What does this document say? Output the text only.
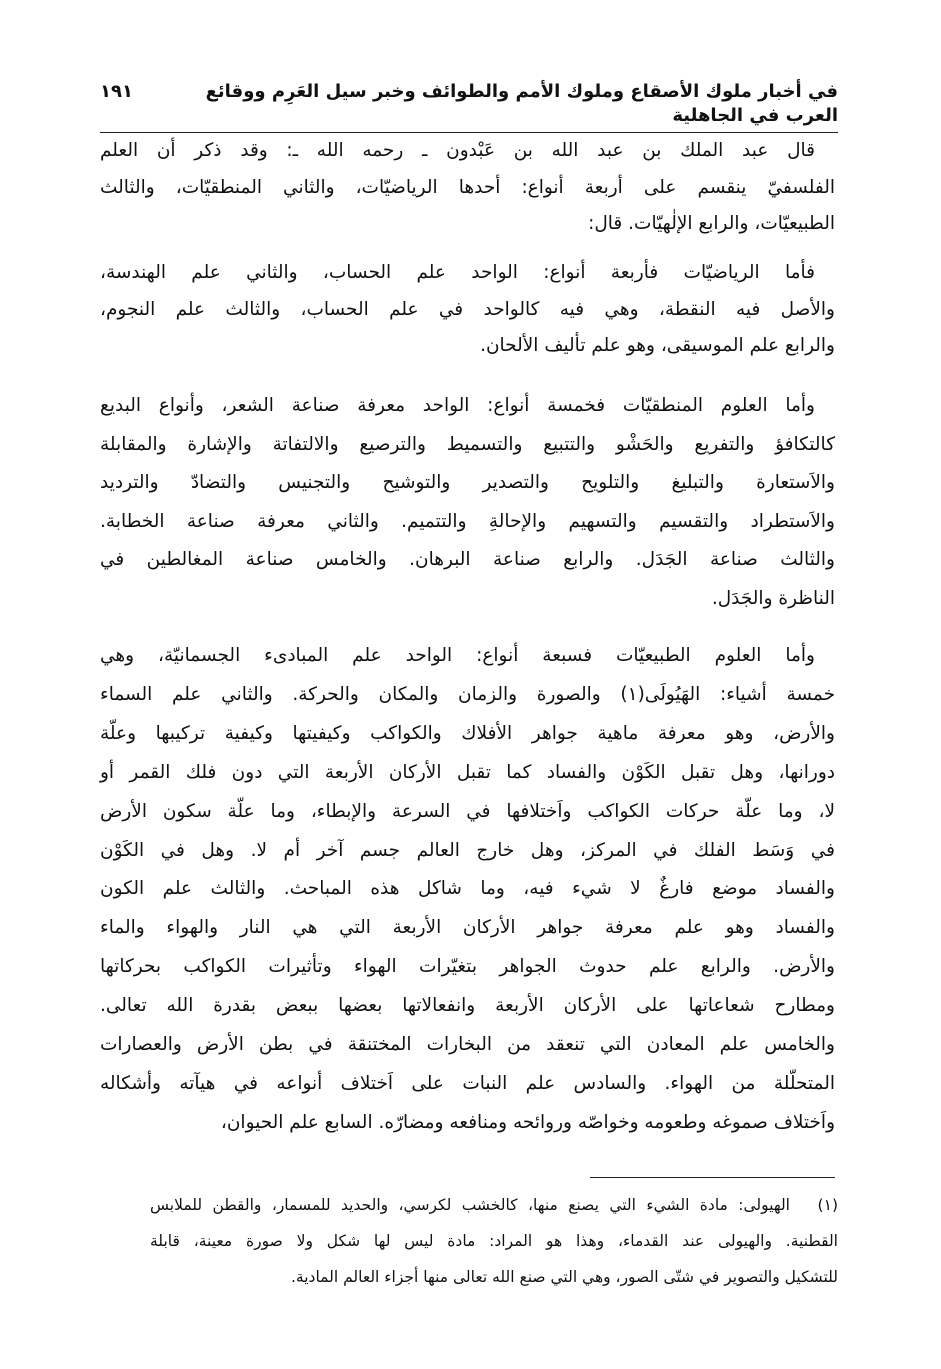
في أخبار ملوك الأصقاع وملوك الأمم والطوائف وخبر سيل العَرِم ووقائع العرب في الجاهلية
١٩١
قال عبد الملك بن عبد الله بن عَبْدون ـ رحمه الله ـ: وقد ذكر أن العلم
الفلسفيّ ينقسم على أربعة أنواع: أحدها الرياضيّات، والثاني المنطقيّات، والثالث
الطبيعيّات، والرابع الإلٰهيّات. قال:
فأما الرياضيّات فأربعة أنواع: الواحد علم الحساب، والثاني علم الهندسة،
والأصل فيه النقطة، وهي فيه كالواحد في علم الحساب، والثالث علم النجوم،
والرابع علم الموسيقى، وهو علم تأليف الألحان.
وأما العلوم المنطقيّات فخمسة أنواع: الواحد معرفة صناعة الشعر، وأنواع البديع
كالتكافؤ والتفريع والحَشْو والتتبيع والتسميط والترصيع والالتفاتة والإشارة والمقابلة
والاَستعارة والتبليغ والتلويح والتصدير والتوشيح والتجنيس والتضادّ والترديد
والاَستطراد والتقسيم والتسهيم والإحالةِ والتتميم. والثاني معرفة صناعة الخطابة.
والثالث صناعة الجَدَل. والرابع صناعة البرهان. والخامس صناعة المغالطين في
الناظرة والجَدَل.
وأما العلوم الطبيعيّات فسبعة أنواع: الواحد علم المبادىء الجسمانيّة، وهي
خمسة أشياء: الهَيُولَى(١) والصورة والزمان والمكان والحركة. والثاني علم السماء
والأرض، وهو معرفة ماهية جواهر الأفلاك والكواكب وكيفيتها وكيفية تركيبها وعلّة
دورانها، وهل تقبل الكَوْن والفساد كما تقبل الأركان الأربعة التي دون فلك القمر أو
لا، وما علّة حركات الكواكب واَختلافها في السرعة والإبطاء، وما علّة سكون الأرض
في وَسَط الفلك في المركز، وهل خارج العالم جسم آخر أم لا. وهل في الكَوْن
والفساد موضع فارغٌ لا شيء فيه، وما شاكل هذه المباحث. والثالث علم الكون
والفساد وهو علم معرفة جواهر الأركان الأربعة التي هي النار والهواء والماء
والأرض. والرابع علم حدوث الجواهر بتغيّرات الهواء وتأثيرات الكواكب بحركاتها
ومطارح شعاعاتها على الأركان الأربعة وانفعالاتها بعضها ببعض بقدرة الله تعالى.
والخامس علم المعادن التي تنعقد من البخارات المختنقة في بطن الأرض والعصارات
المتحلّلة من الهواء. والسادس علم النبات على اَختلاف أنواعه في هيآته وأشكاله
واَختلاف صموغه وطعومه وخواصّه وروائحه ومنافعه ومضارّه. السابع علم الحيوان،
(١)
الهيولى: مادة الشيء التي يصنع منها، كالخشب لكرسي، والحديد للمسمار، والقطن للملابس
القطنية. والهيولى عند القدماء، وهذا هو المراد: مادة ليس لها شكل ولا صورة معينة، قابلة
للتشكيل والتصوير في شتّى الصور، وهي التي صنع الله تعالى منها أجزاء العالم المادية.
